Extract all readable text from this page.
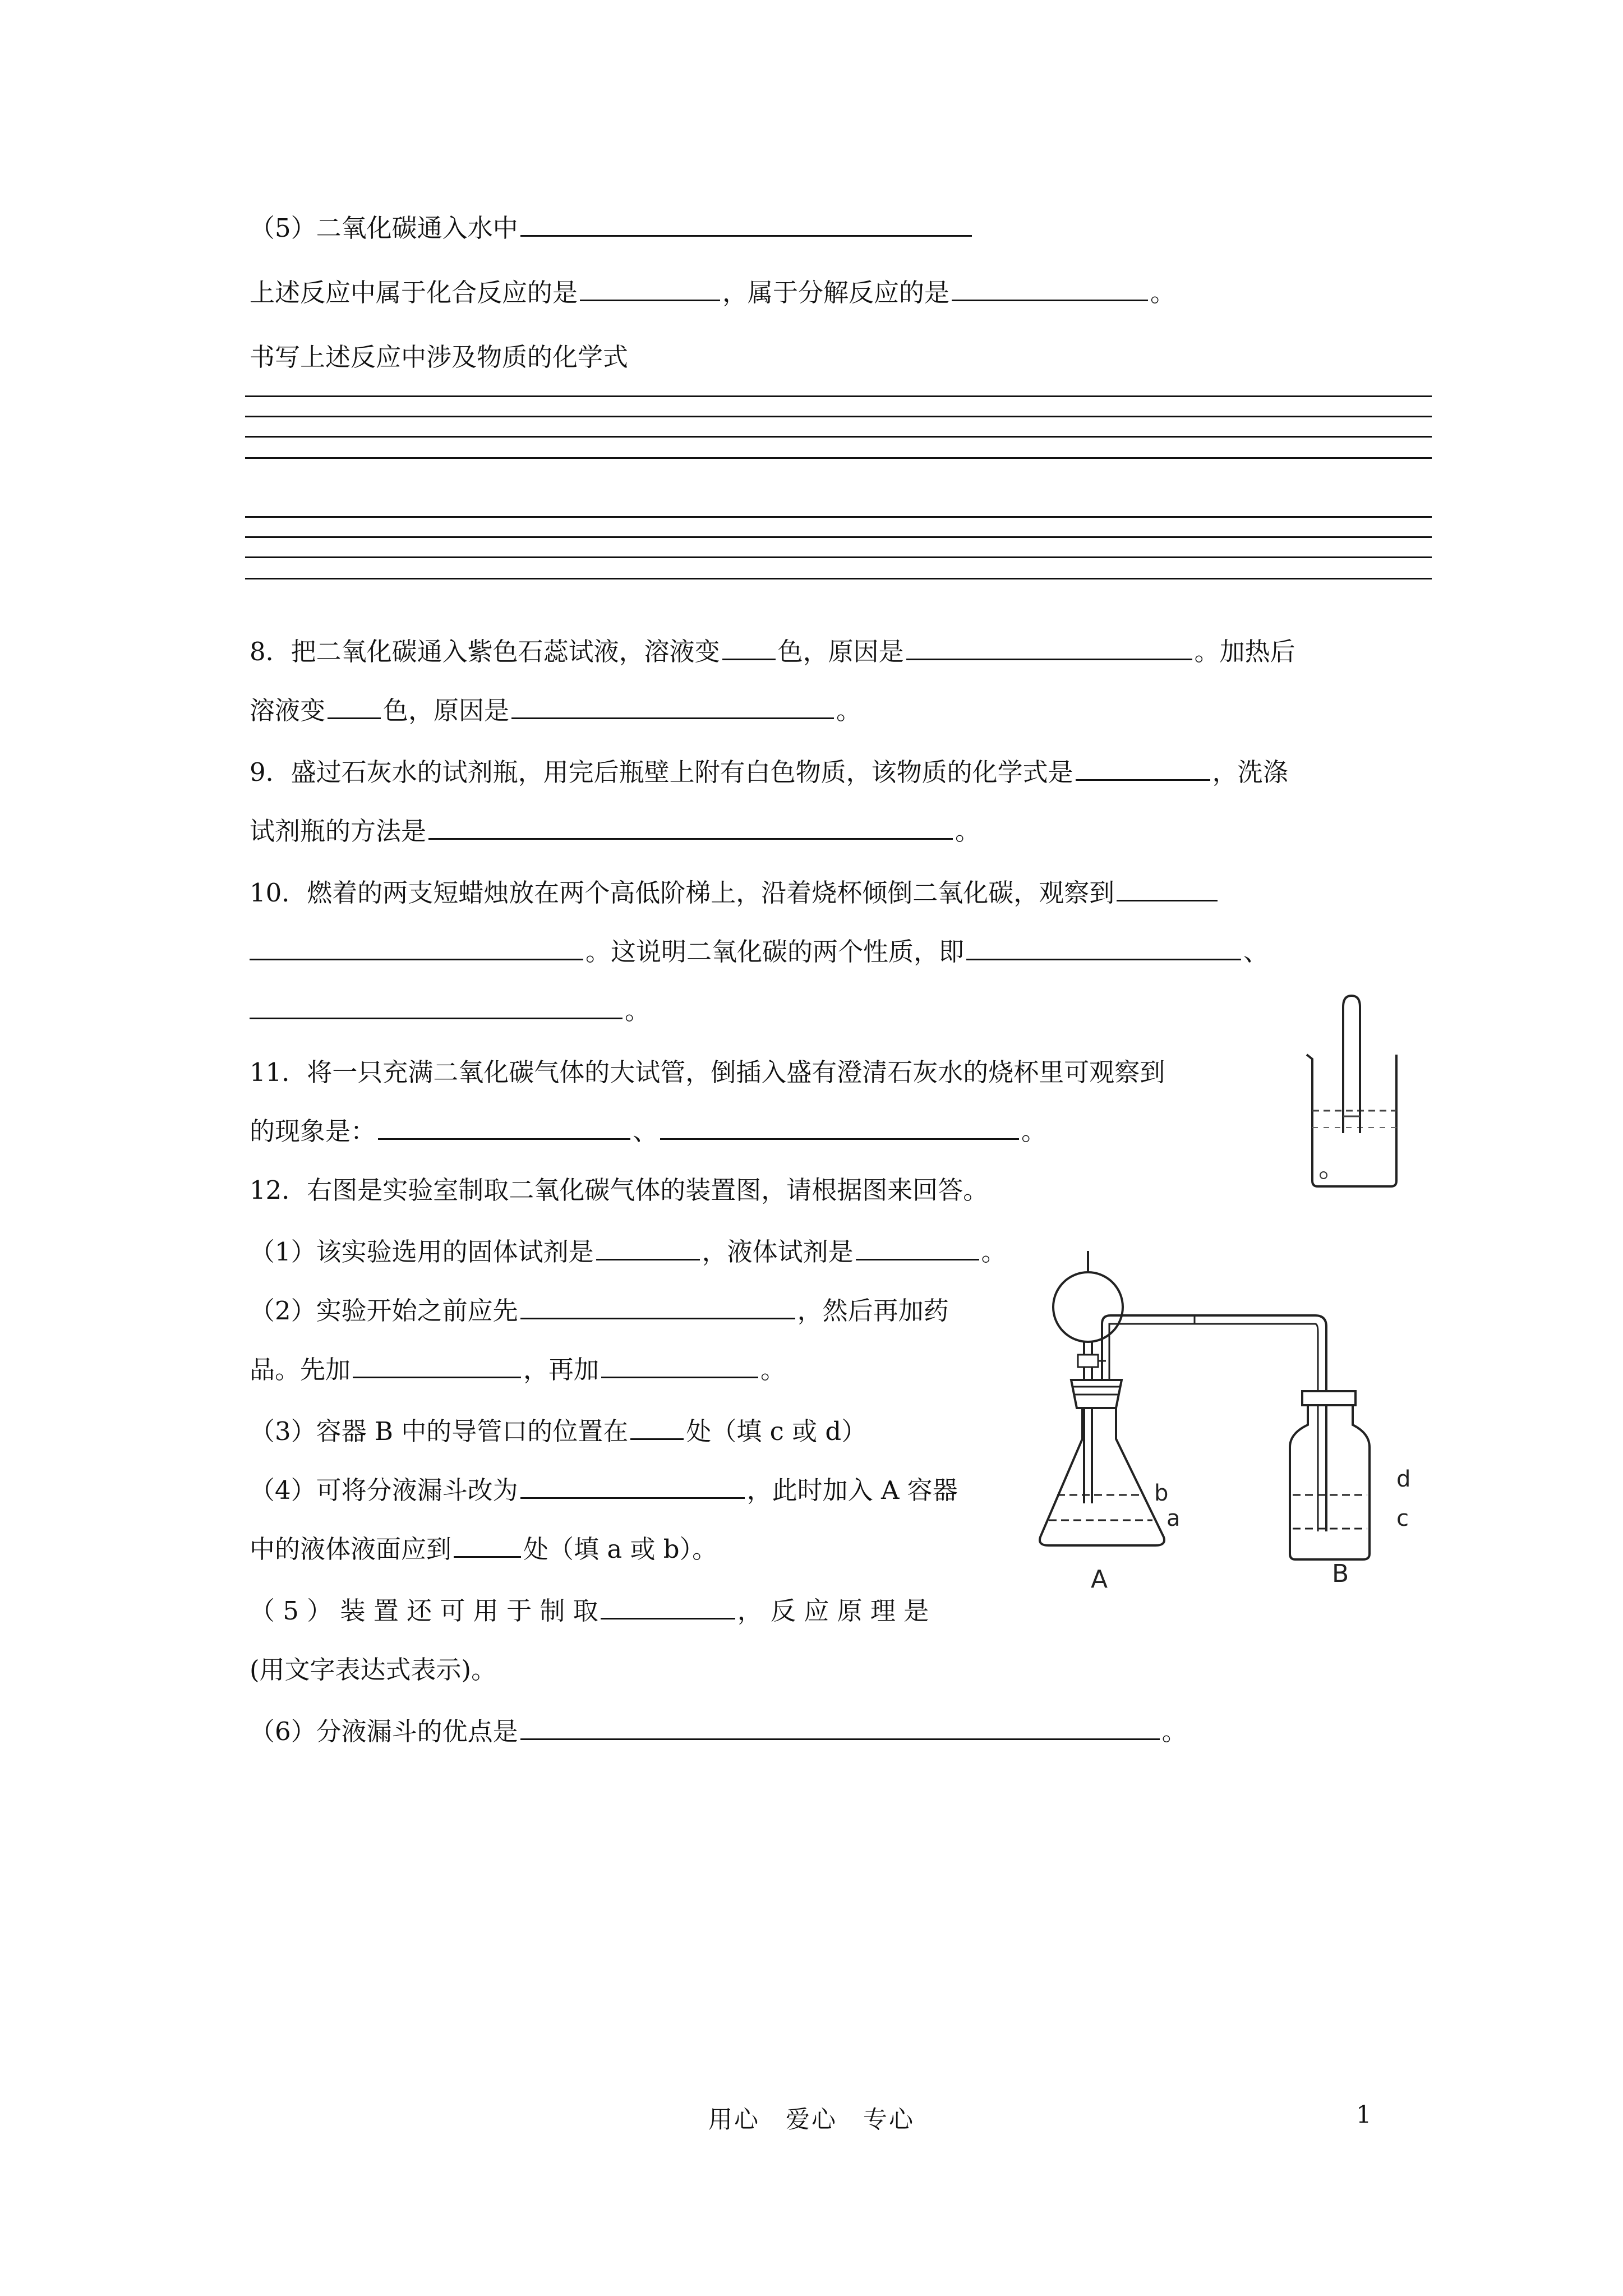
（5）二氧化碳通入水中
上述反应中属于化合反应的是	，属于分解反应的是	。
书写上述反应中涉及物质的化学式
8．把二氧化碳通入紫色石蕊试液，溶液变 色，原因是	。加热后
溶液变 色，原因是	。
9．盛过石灰水的试剂瓶，用完后瓶壁上附有白色物质，该物质的化学式是	，洗涤
试剂瓶的方法是	。
10．燃着的两支短蜡烛放在两个高低阶梯上，沿着烧杯倾倒二氧化碳，观察到
。这说明二氧化碳的两个性质，即	、
。
11．将一只充满二氧化碳气体的大试管，倒插入盛有澄清石灰水的烧杯里可观察到
的现象是：	、	。
12．右图是实验室制取二氧化碳气体的装置图，请根据图来回答。
（1）该实验选用的固体试剂是	，液体试剂是	。
（2）实验开始之前应先	，然后再加药
品。先加	，再加	。
（3）容器 B 中的导管口的位置在 处（填 c 或 d）
（4）可将分液漏斗改为	，此时加入 A 容器
中的液体液面应到	处（填 a 或 b）。
（ 5 ） 装 置 还 可 用 于 制 取	， 反 应 原 理 是
(用文字表达式表示)。
（6）分液漏斗的优点是	。
b
a
A
d
c
B
用心　爱心　专心	1
